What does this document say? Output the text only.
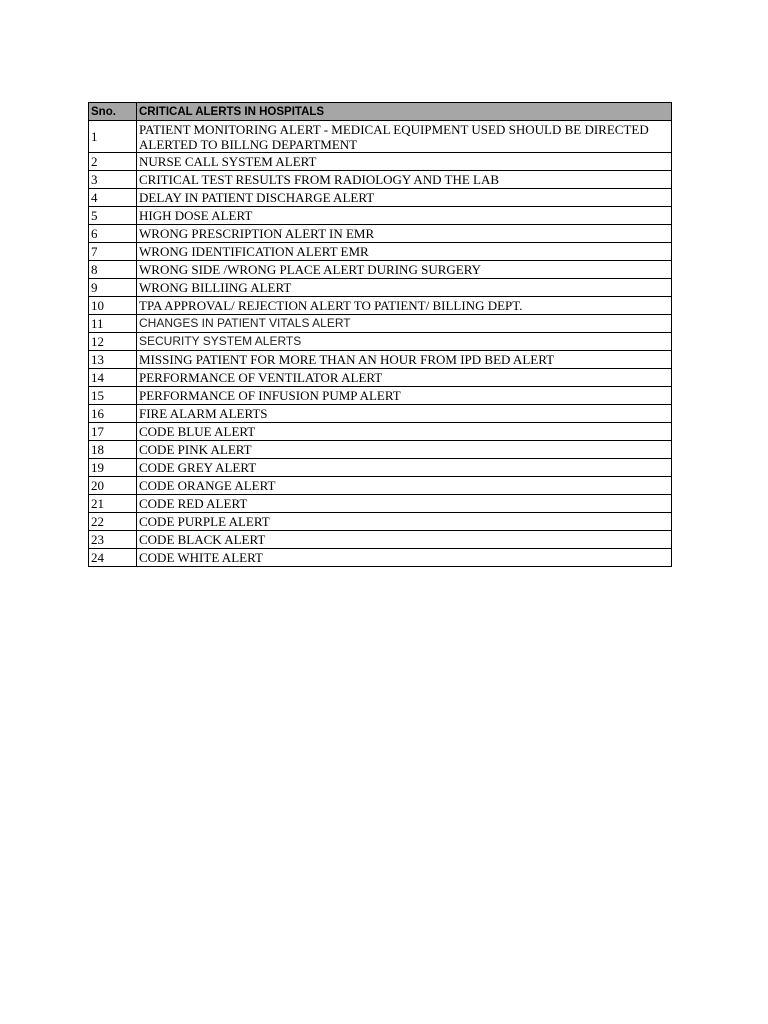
Sno.	CRITICAL ALERTS IN HOSPITALS
1	PATIENT MONITORING ALERT - MEDICAL EQUIPMENT USED SHOULD BE DIRECTED ALERTED TO BILLNG DEPARTMENT
2	NURSE CALL SYSTEM ALERT
3	CRITICAL TEST RESULTS FROM RADIOLOGY AND THE LAB
4	DELAY IN PATIENT DISCHARGE ALERT
5	HIGH DOSE ALERT
6	WRONG PRESCRIPTION ALERT IN EMR
7	WRONG IDENTIFICATION ALERT EMR
8	WRONG SIDE /WRONG PLACE ALERT DURING SURGERY
9	WRONG BILLIING ALERT
10	TPA APPROVAL/ REJECTION ALERT TO PATIENT/ BILLING DEPT.
11	CHANGES IN PATIENT VITALS ALERT
12	SECURITY SYSTEM ALERTS
13	MISSING PATIENT FOR MORE THAN AN HOUR FROM IPD BED ALERT
14	PERFORMANCE OF VENTILATOR ALERT
15	PERFORMANCE OF INFUSION PUMP ALERT
16	FIRE ALARM ALERTS
17	CODE BLUE ALERT
18	CODE PINK ALERT
19	CODE GREY ALERT
20	CODE ORANGE ALERT
21	CODE RED ALERT
22	CODE PURPLE ALERT
23	CODE BLACK ALERT
24	CODE WHITE ALERT
